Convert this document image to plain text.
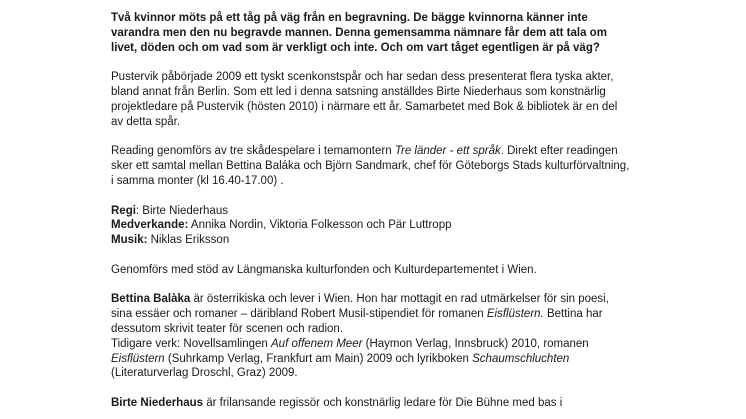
Två kvinnor möts på ett tåg på väg från en begravning. De bägge kvinnorna känner inte varandra men den nu begravde mannen. Denna gemensamma nämnare får dem att tala om livet, döden och om vad som är verkligt och inte. Och om vart tåget egentligen är på väg?

Pustervik påbörjade 2009 ett tyskt scenkonstspår och har sedan dess presenterat flera tyska akter, bland annat från Berlin. Som ett led i denna satsning anställdes Birte Niederhaus som konstnärlig projektledare på Pustervik (hösten 2010) i närmare ett år. Samarbetet med Bok & bibliotek är en del av detta spår.

Reading genomförs av tre skådespelare i temamontern Tre länder - ett språk. Direkt efter readingen sker ett samtal mellan Bettina Baláka och Björn Sandmark, chef för Göteborgs Stads kulturförvaltning, i samma monter (kl 16.40-17.00) .

Regi: Birte Niederhaus

Medverkande: Annika Nordin, Viktoria Folkesson och Pär Luttropp

Musik: Niklas Eriksson

Genomförs med stöd av Längmanska kulturfonden och Kulturdepartementet i Wien.

Bettina Balàka är österrikiska och lever i Wien. Hon har mottagit en rad utmärkelser för sin poesi, sina essäer och romaner – däribland Robert Musil-stipendiet för romanen Eisflüstern. Bettina har dessutom skrivit teater för scenen och radion.

Tidigare verk: Novellsamlingen Auf offenem Meer (Haymon Verlag, Innsbruck) 2010, romanen Eisflüstern (Suhrkamp Verlag, Frankfurt am Main) 2009 och lyrikboken Schaumschluchten (Literaturverlag Droschl, Graz) 2009.

Birte Niederhaus är frilansande regissör och konstnärlig ledare för Die Bühne med bas i
